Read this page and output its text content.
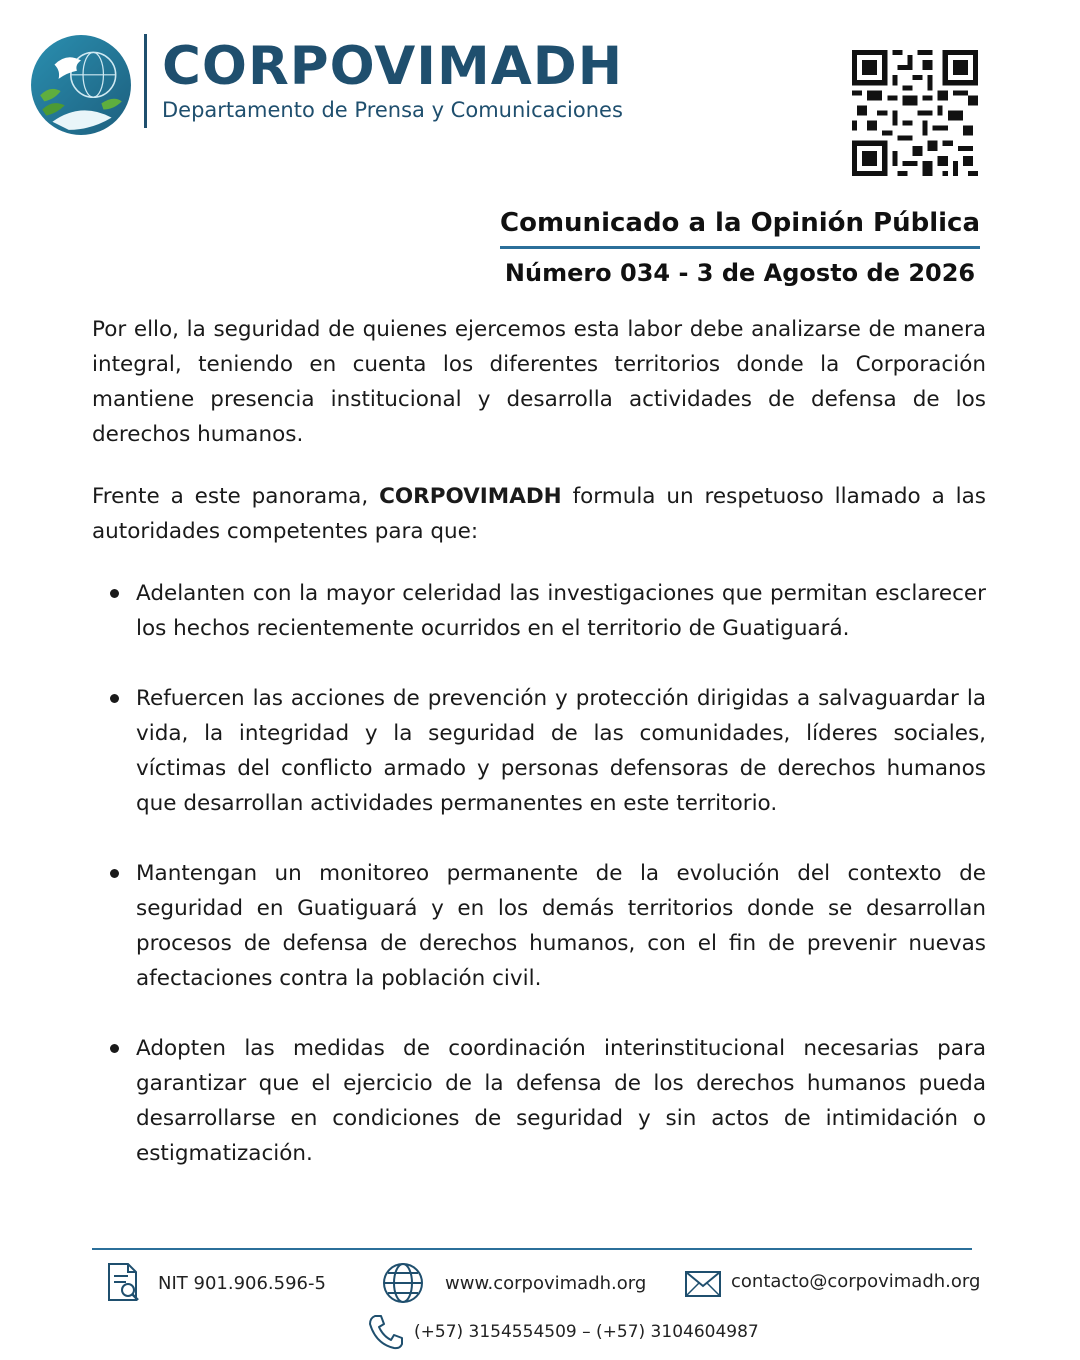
CORPOVIMADH
Departamento de Prensa y Comunicaciones
Comunicado a la Opinión Pública
Número 034 - 3 de Agosto de 2026

Por ello, la seguridad de quienes ejercemos esta labor debe analizarse de manera integral, teniendo en cuenta los diferentes territorios donde la Corporación mantiene presencia institucional y desarrolla actividades de defensa de los derechos humanos.

Frente a este panorama, CORPOVIMADH formula un respetuoso llamado a las autoridades competentes para que:

Adelanten con la mayor celeridad las investigaciones que permitan esclarecer los hechos recientemente ocurridos en el territorio de Guatiguará.
Refuercen las acciones de prevención y protección dirigidas a salvaguardar la vida, la integridad y la seguridad de las comunidades, líderes sociales, víctimas del conflicto armado y personas defensoras de derechos humanos que desarrollan actividades permanentes en este territorio.
Mantengan un monitoreo permanente de la evolución del contexto de seguridad en Guatiguará y en los demás territorios donde se desarrollan procesos de defensa de derechos humanos, con el fin de prevenir nuevas afectaciones contra la población civil.
Adopten las medidas de coordinación interinstitucional necesarias para garantizar que el ejercicio de la defensa de los derechos humanos pueda desarrollarse en condiciones de seguridad y sin actos de intimidación o estigmatización.
NIT 901.906.596-5	www.corpovimadh.org	contacto@corpovimadh.org
(+57) 3154554509 – (+57) 3104604987
